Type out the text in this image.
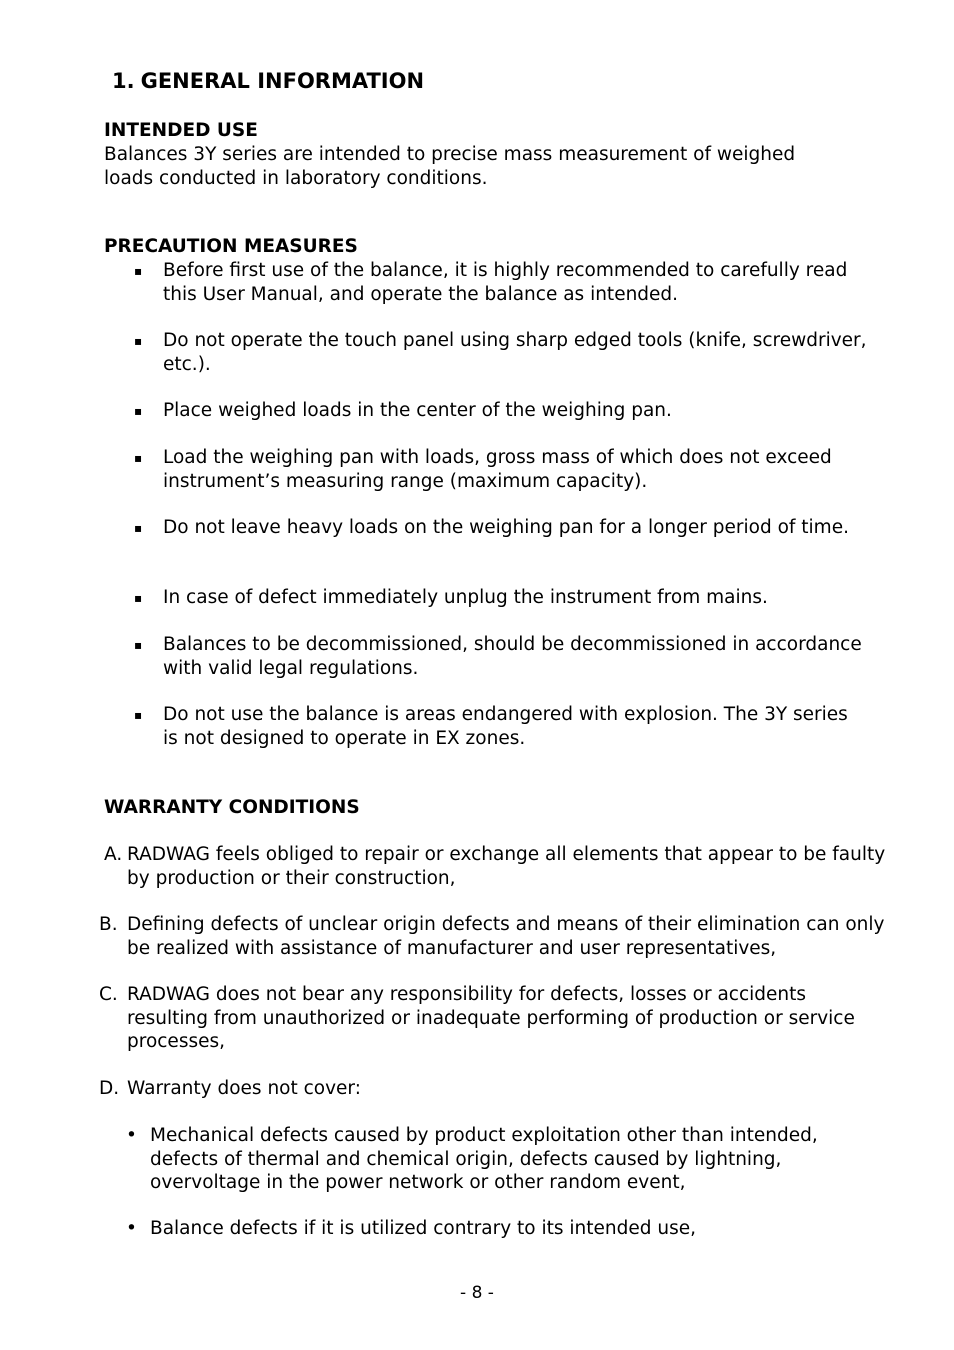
1. GENERAL INFORMATION
INTENDED USE

Balances 3Y series are intended to precise mass measurement of weighed loads conducted in laboratory conditions.

PRECAUTION MEASURES
▪ Before first use of the balance, it is highly recommended to carefully read this User Manual, and operate the balance as intended.
▪ Do not operate the touch panel using sharp edged tools (knife, screwdriver, etc.).
▪ Place weighed loads in the center of the weighing pan.
▪ Load the weighing pan with loads, gross mass of which does not exceed instrument’s measuring range (maximum capacity).
▪ Do not leave heavy loads on the weighing pan for a longer period of time.
▪ In case of defect immediately unplug the instrument from mains.
▪ Balances to be decommissioned, should be decommissioned in accordance with valid legal regulations.
▪ Do not use the balance is areas endangered with explosion. The 3Y series is not designed to operate in EX zones.
WARRANTY CONDITIONS
A. RADWAG feels obliged to repair or exchange all elements that appear to be faulty by production or their construction,
B. Defining defects of unclear origin defects and means of their elimination can only be realized with assistance of manufacturer and user representatives,
C. RADWAG does not bear any responsibility for defects, losses or accidents resulting from unauthorized or inadequate performing of production or service processes,
D. Warranty does not cover:
• Mechanical defects caused by product exploitation other than intended, defects of thermal and chemical origin, defects caused by lightning, overvoltage in the power network or other random event,
• Balance defects if it is utilized contrary to its intended use,
- 8 -
